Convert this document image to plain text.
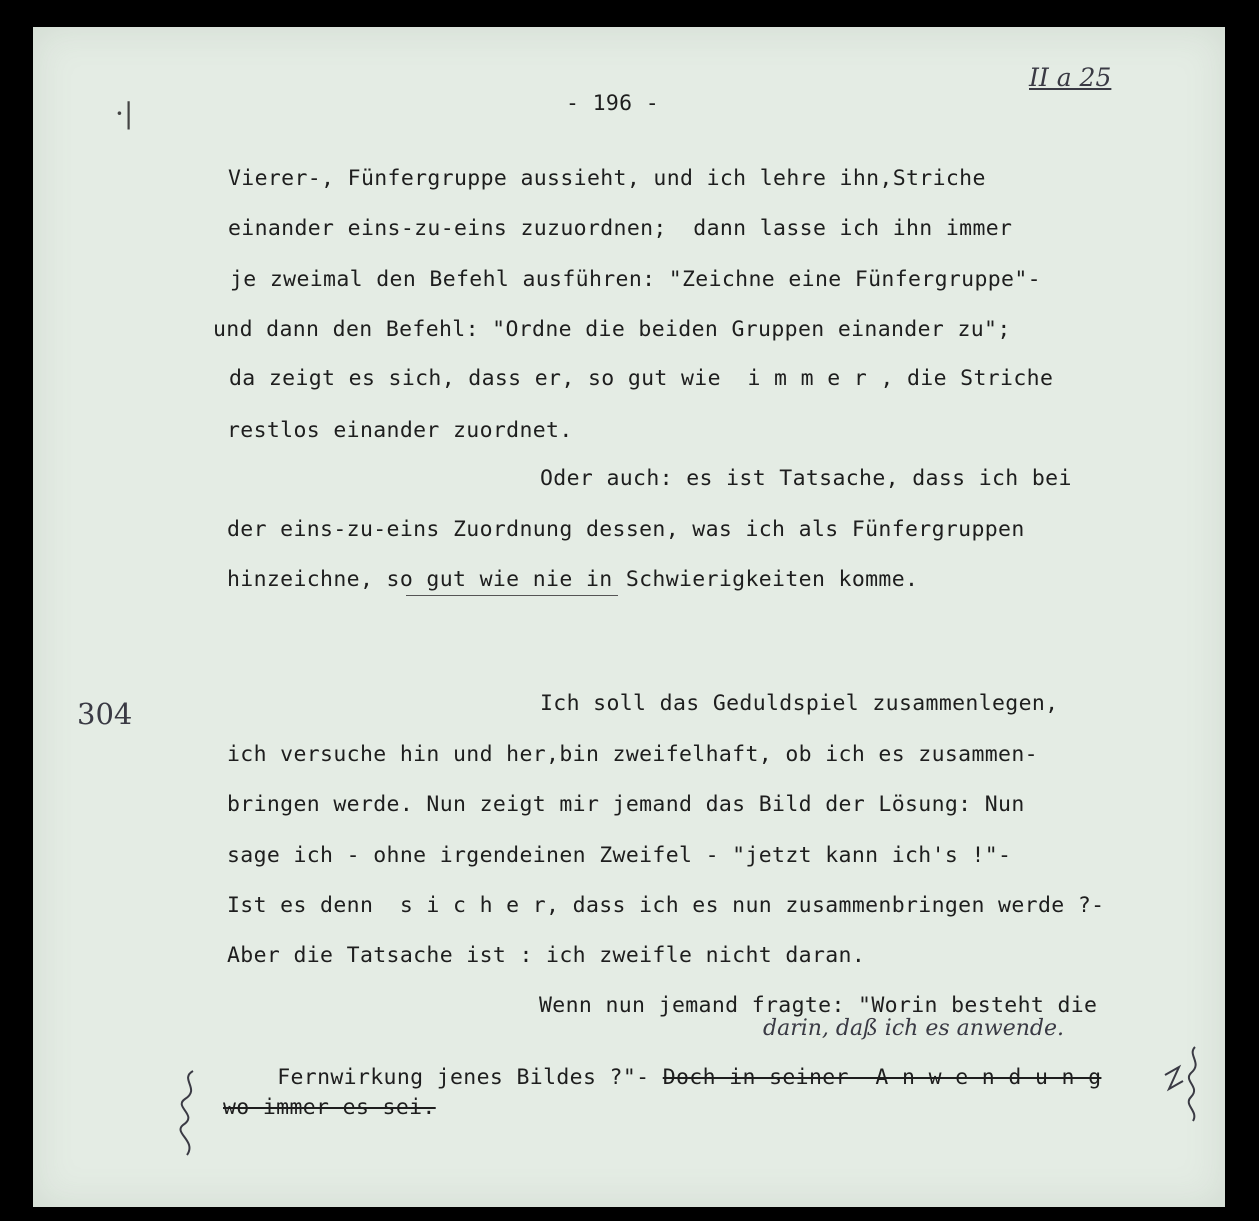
·|	- 196 -
II a 25
Vierer-, Fünfergruppe aussieht, und ich lehre ihn,Striche
einander eins-zu-eins zuzuordnen;  dann lasse ich ihn immer
je zweimal den Befehl ausführen: "Zeichne eine Fünfergruppe"-
und dann den Befehl: "Ordne die beiden Gruppen einander zu";
da zeigt es sich, dass er, so gut wie  i m m e r , die Striche
restlos einander zuordnet.
Oder auch: es ist Tatsache, dass ich bei
der eins-zu-eins Zuordnung dessen, was ich als Fünfergruppen
hinzeichne, so gut wie nie in Schwierigkeiten komme.
304	Ich soll das Geduldspiel zusammenlegen,
ich versuche hin und her,bin zweifelhaft, ob ich es zusammen-
bringen werde. Nun zeigt mir jemand das Bild der Lösung: Nun
sage ich - ohne irgendeinen Zweifel - "jetzt kann ich's !"-
Ist es denn  s i c h e r, dass ich es nun zusammenbringen werde ?-
Aber die Tatsache ist : ich zweifle nicht daran.
Wenn nun jemand fragte: "Worin besteht die
darin, daß ich es anwende.

Fernwirkung jenes Bildes ?"- Doch in seiner  A n w e n d u n g

wo immer es sei.
